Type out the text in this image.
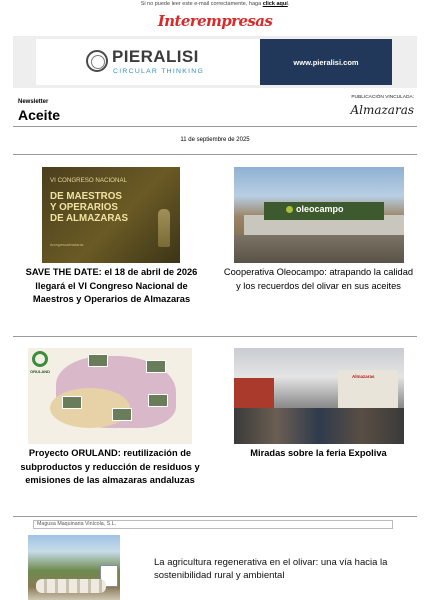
Si no puede leer este e-mail correctamente, haga click aquí.
Interempresas
PIERALISI
CIRCULAR THINKING
www.pieralisi.com
Newsletter
Aceite
PUBLICACIÓN VINCULADA:
Almazaras
11 de septiembre de 2025
VI CONGRESO NACIONAL
DE MAESTROS
Y OPERARIOS
DE ALMAZARAS
#congresoalmazaras
SAVE THE DATE: el 18 de abril de 2026 llegará el VI Congreso Nacional de Maestros y Operarios de Almazaras
oleocampo
Cooperativa Oleocampo: atrapando la calidad y los recuerdos del olivar en sus aceites
ORULAND
Proyecto ORULAND: reutilización de subproductos y reducción de residuos y emisiones de las almazaras andaluzas
Almazaras
Miradas sobre la feria Expoliva
Magusa Maquinaria Vinícola, S.L.
La agricultura regenerativa en el olivar: una vía hacia la sostenibilidad rural y ambiental
